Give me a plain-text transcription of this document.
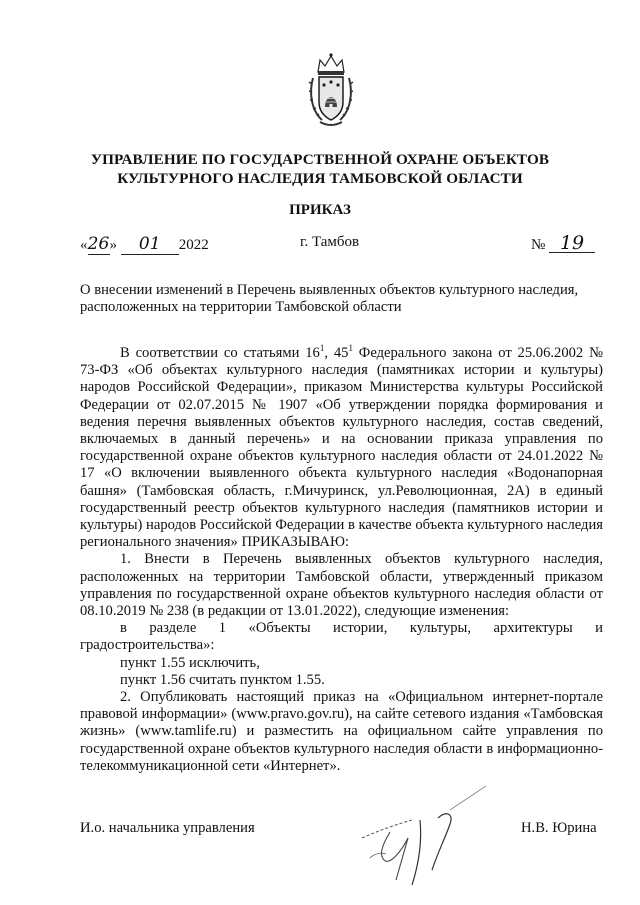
УПРАВЛЕНИЕ ПО ГОСУДАРСТВЕННОЙ ОХРАНЕ ОБЪЕКТОВ
КУЛЬТУРНОГО НАСЛЕДИЯ ТАМБОВСКОЙ ОБЛАСТИ
ПРИКАЗ
«26» 01 2022	г. Тамбов	№ 19
О внесении изменений в Перечень выявленных объектов культурного наследия, расположенных на территории Тамбовской области

В соответствии со статьями $16^1$, $45^1$ Федерального закона от 25.06.2002 № 73-ФЗ «Об объектах культурного наследия (памятниках истории и культуры) народов Российской Федерации», приказом Министерства культуры Российской Федерации от 02.07.2015 № 1907 «Об утверждении порядка формирования и ведения перечня выявленных объектов культурного наследия, состав сведений, включаемых в данный перечень» и на основании приказа управления по государственной охране объектов культурного наследия области от 24.01.2022 № 17 «О включении выявленного объекта культурного наследия «Водонапорная башня» (Тамбовская область, г.Мичуринск, ул.Революционная, 2А) в единый государственный реестр объектов культурного наследия (памятников истории и культуры) народов Российской Федерации в качестве объекта культурного наследия регионального значения» ПРИКАЗЫВАЮ:

1. Внести в Перечень выявленных объектов культурного наследия, расположенных на территории Тамбовской области, утвержденный приказом управления по государственной охране объектов культурного наследия области от 08.10.2019 № 238 (в редакции от 13.01.2022), следующие изменения:

в разделе 1 «Объекты истории, культуры, архитектуры и градостроительства»:

пункт 1.55 исключить,

пункт 1.56 считать пунктом 1.55.

2. Опубликовать настоящий приказ на «Официальном интернет-портале правовой информации» (www.pravo.gov.ru), на сайте сетевого издания «Тамбовская жизнь» (www.tamlife.ru) и разместить на официальном сайте управления по государственной охране объектов культурного наследия области в информационно-телекоммуникационной сети «Интернет».

И.о. начальника управления	Н.В. Юрина
